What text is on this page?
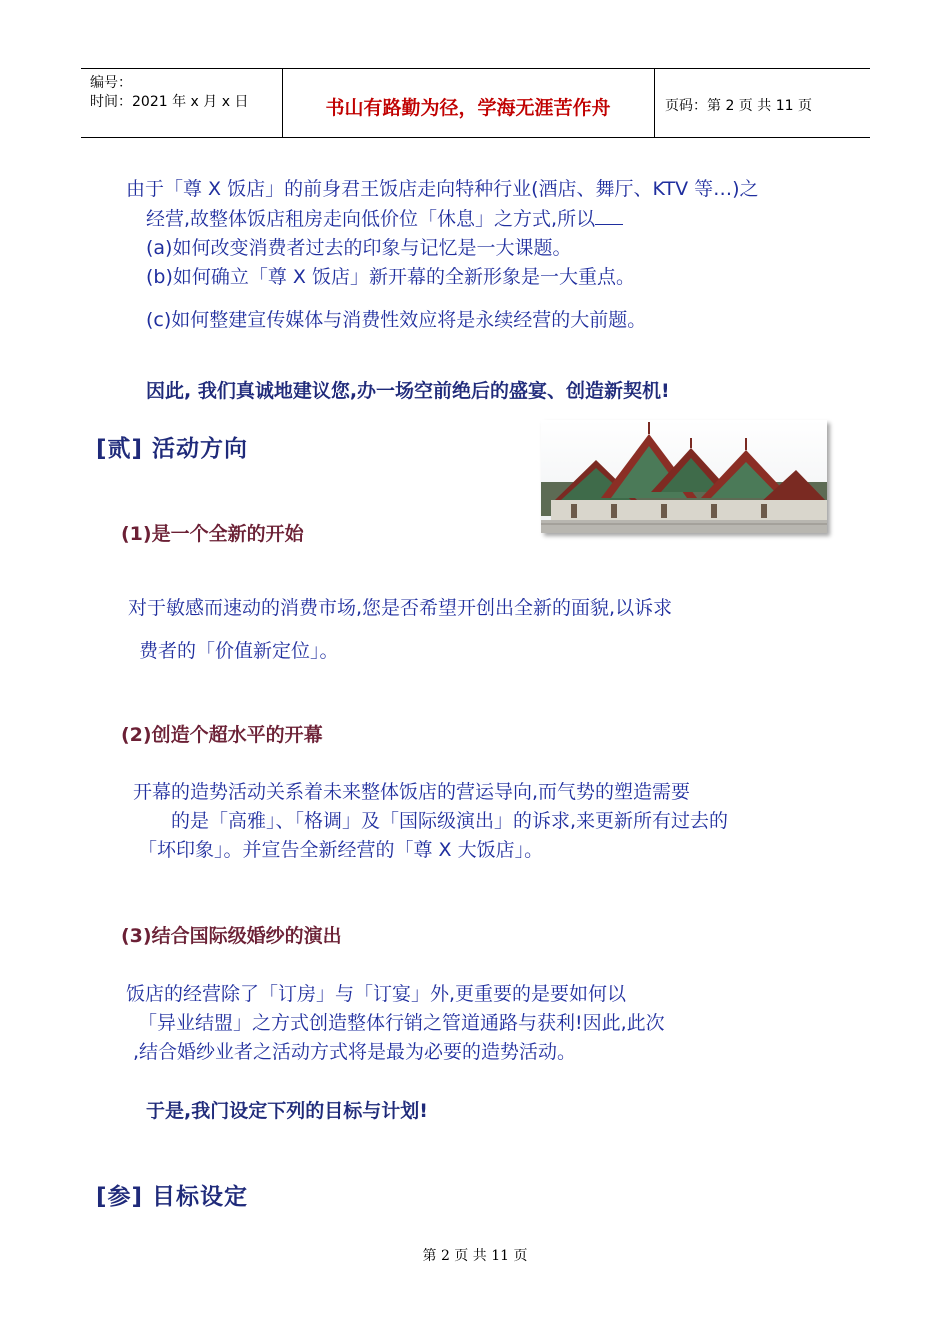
编号：
时间：2021 年 x 月 x 日	书山有路勤为径，学海无涯苦作舟	页码：第 2 页 共 11 页
由于「尊 X 饭店」的前身君王饭店走向特种行业(酒店、舞厅、KTV 等…)之
经营,故整体饭店租房走向低价位「休息」之方式,所以
(a)如何改变消费者过去的印象与记忆是一大课题。
(b)如何确立「尊 X 饭店」新开幕的全新形象是一大重点。
(c)如何整建宣传媒体与消费性效应将是永续经营的大前题。
因此, 我们真诚地建议您,办一场空前绝后的盛宴、创造新契机!
[贰] 活动方向
(1)是一个全新的开始
对于敏感而速动的消费市场,您是否希望开创出全新的面貌,以诉求
费者的「价值新定位」。
(2)创造个超水平的开幕
开幕的造势活动关系着未来整体饭店的营运导向,而气势的塑造需要
的是「高雅」、「格调」及「国际级演出」的诉求,来更新所有过去的
「坏印象」。并宣告全新经营的「尊 X 大饭店」。
(3)结合国际级婚纱的演出
饭店的经营除了「订房」与「订宴」外,更重要的是要如何以
「异业结盟」之方式创造整体行销之管道通路与获利!因此,此次
,结合婚纱业者之活动方式将是最为必要的造势活动。
于是,我门设定下列的目标与计划!
[参] 目标设定
第 2 页 共 11 页
